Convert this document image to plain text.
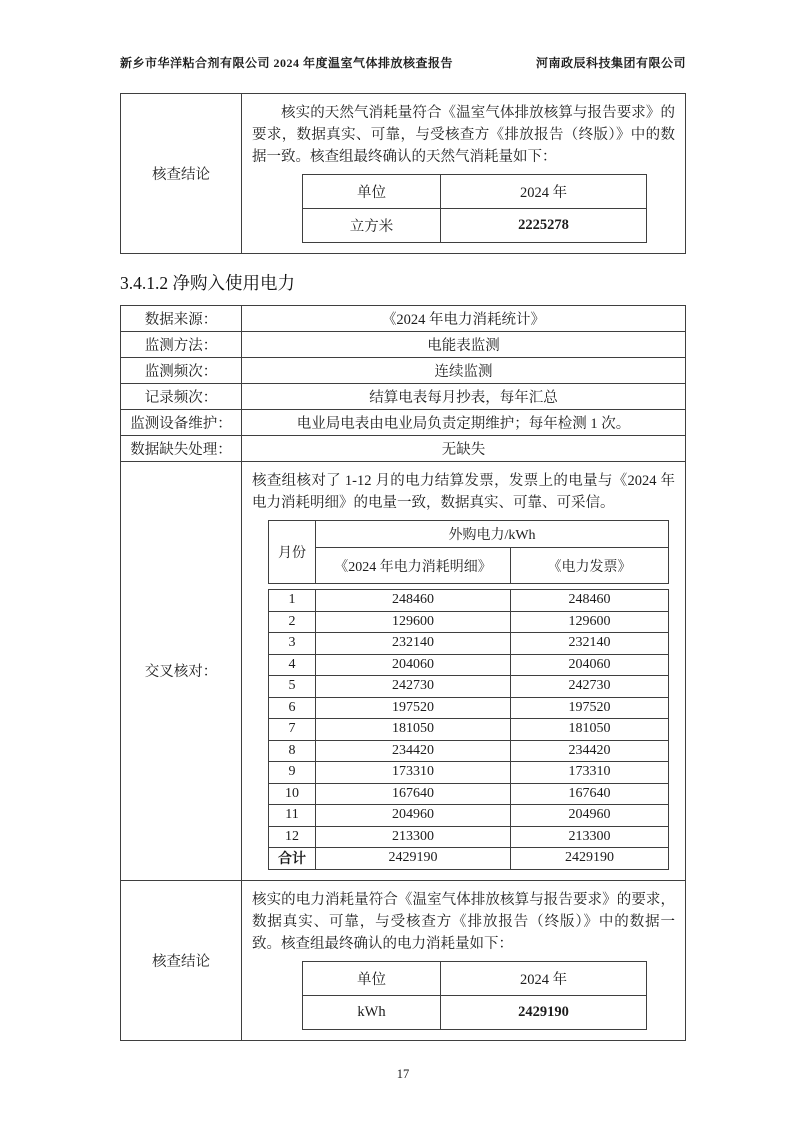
新乡市华洋粘合剂有限公司 2024 年度温室气体排放核查报告	河南政辰科技集团有限公司
核查结论	

核实的天然气消耗量符合《温室气体排放核算与报告要求》的要求，数据真实、可靠，与受核查方《排放报告（终版）》中的数据一致。核查组最终确认的天然气消耗量如下：

单位	2024 年
立方米	2225278
3.4.1.2 净购入使用电力
数据来源：	《2024 年电力消耗统计》
监测方法：	电能表监测
监测频次：	连续监测
记录频次：	结算电表每月抄表，每年汇总
监测设备维护：	电业局电表由电业局负责定期维护；每年检测 1 次。
数据缺失处理：	无缺失
交叉核对：	

核查组核对了 1-12 月的电力结算发票，发票上的电量与《2024 年电力消耗明细》的电量一致，数据真实、可靠、可采信。

月份	外购电力/kWh
《2024 年电力消耗明细》	《电力发票》
1	248460	248460
2	129600	129600
3	232140	232140
4	204060	204060
5	242730	242730
6	197520	197520
7	181050	181050
8	234420	234420
9	173310	173310
10	167640	167640
11	204960	204960
12	213300	213300
合计	2429190	2429190

核查结论	

核实的电力消耗量符合《温室气体排放核算与报告要求》的要求，数据真实、可靠，与受核查方《排放报告（终版）》中的数据一致。核查组最终确认的电力消耗量如下：

单位	2024 年
kWh	2429190
17
